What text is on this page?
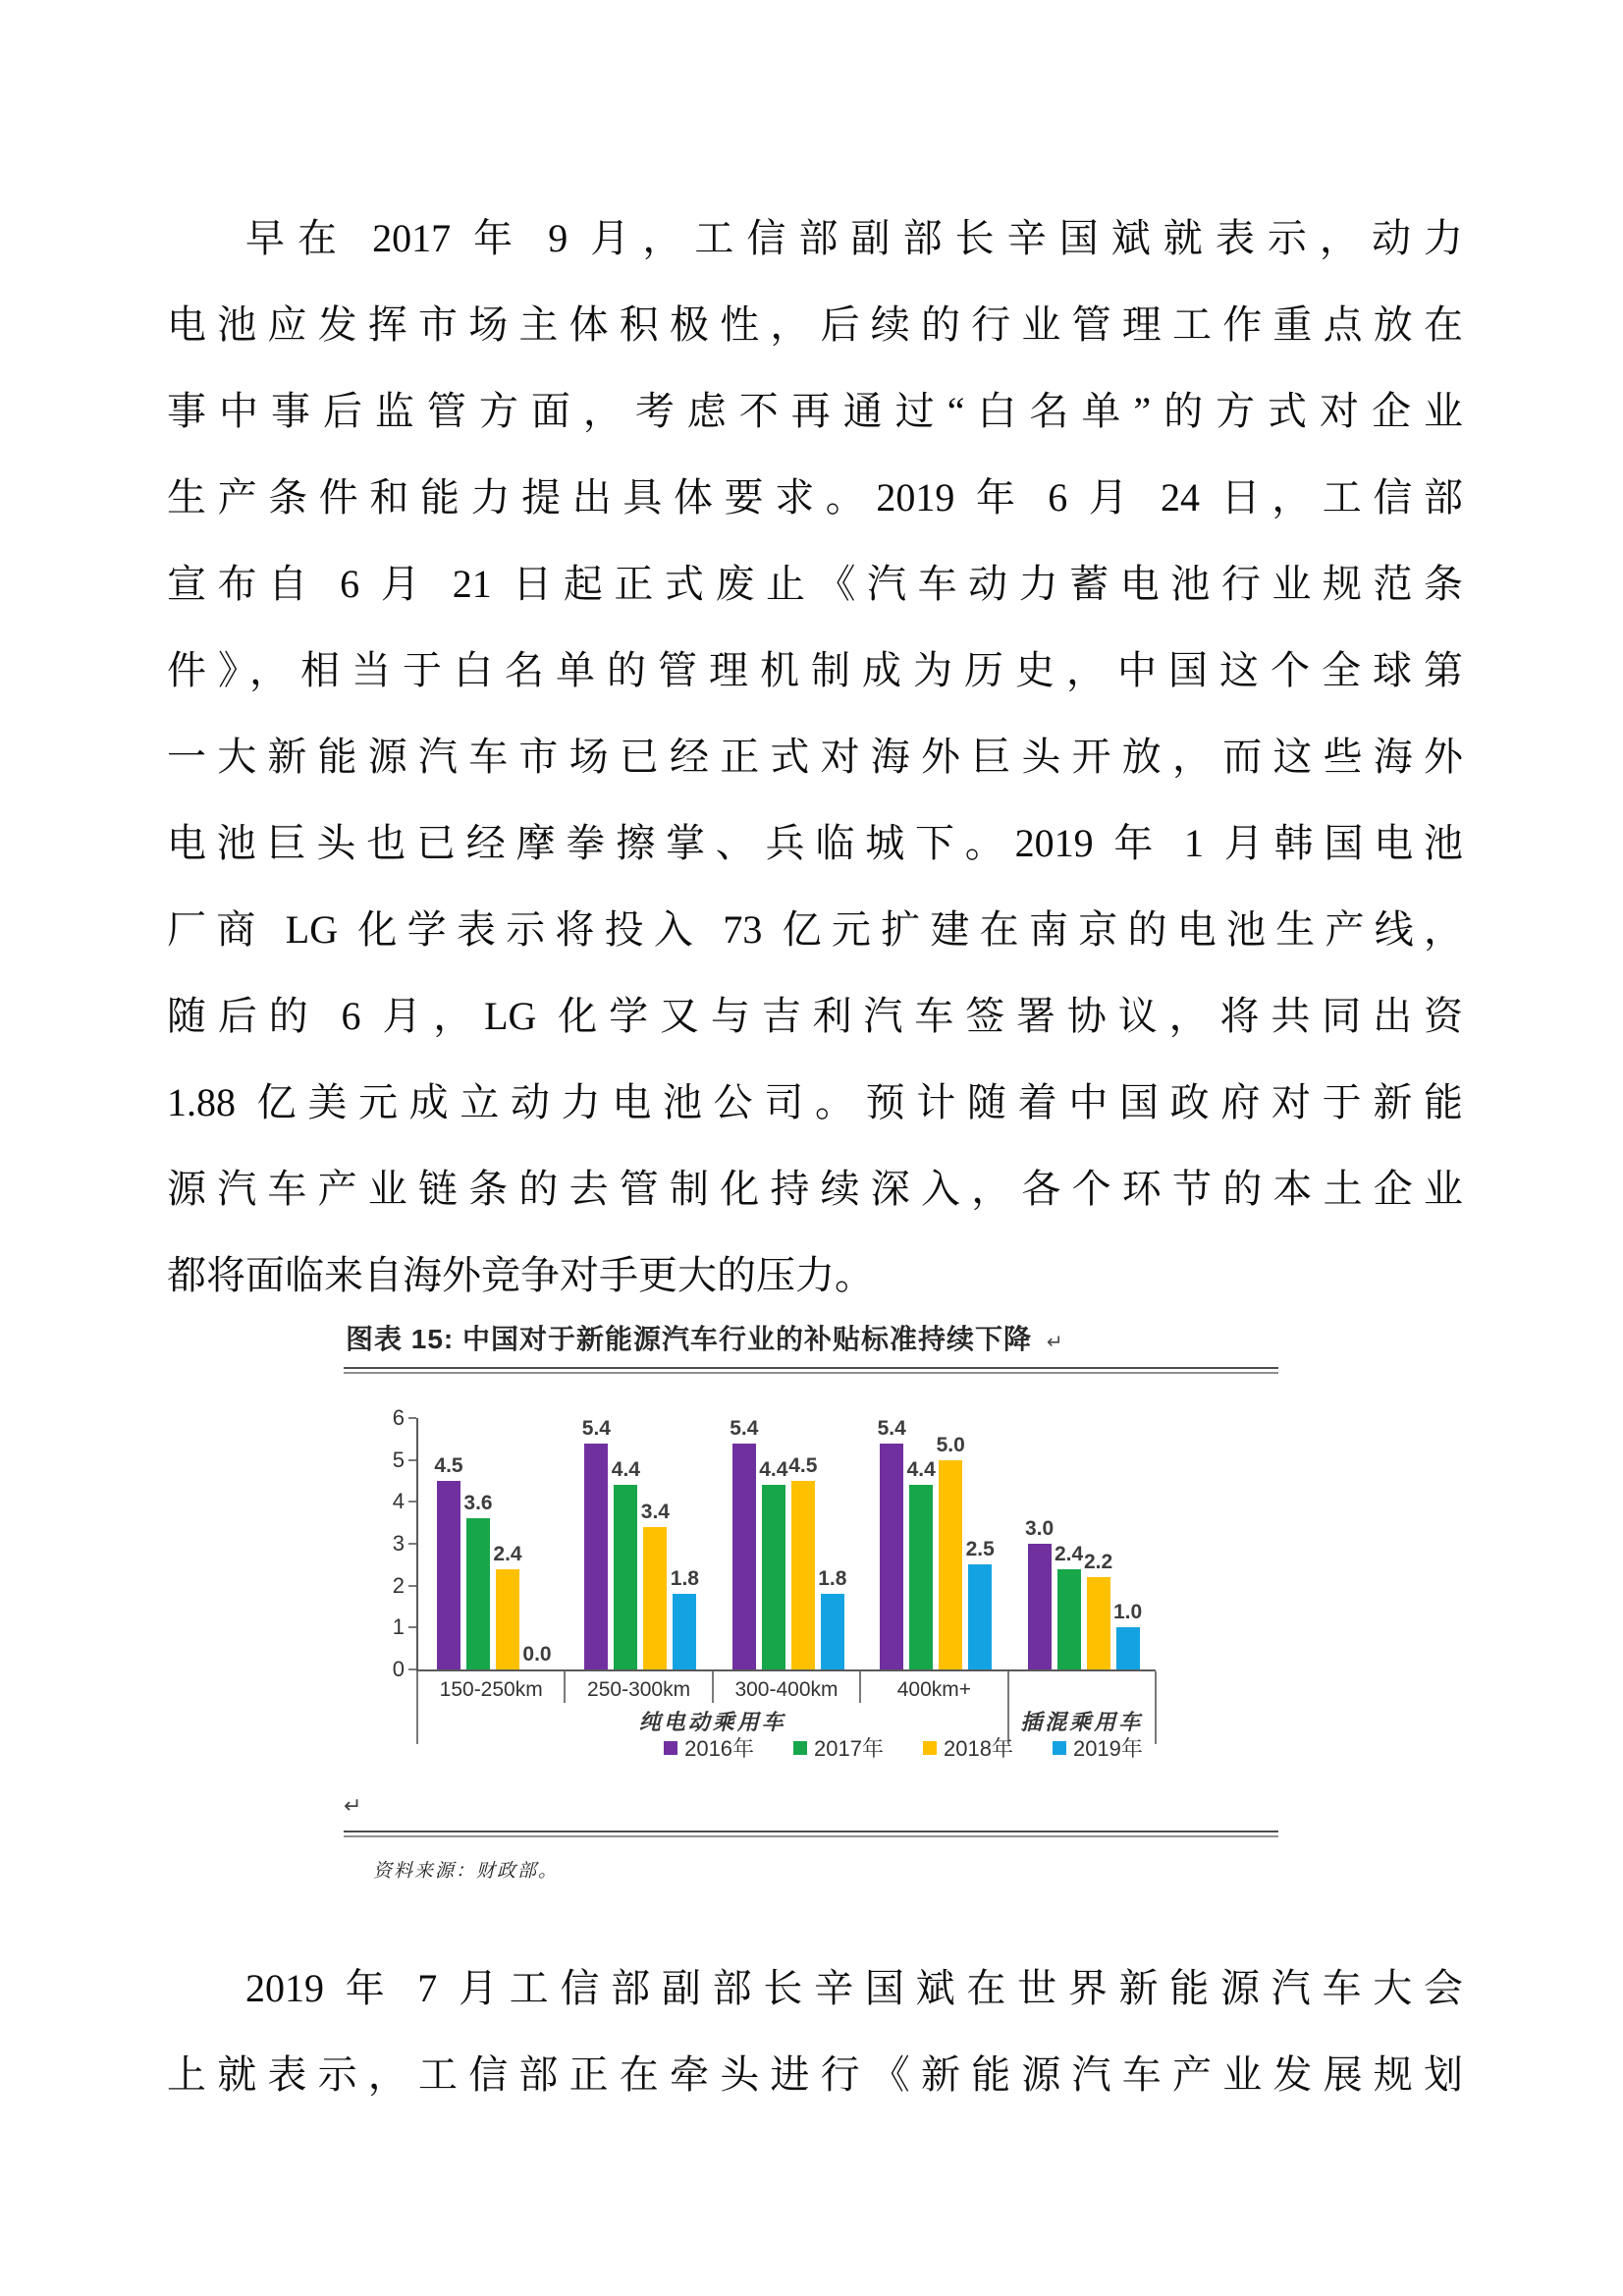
早在 2017 年 9 月，工信部副部长辛国斌就表示，动力
电池应发挥市场主体积极性，后续的行业管理工作重点放在
事中事后监管方面，考虑不再通过“白名单”的方式对企业
生产条件和能力提出具体要求。2019 年 6 月 24 日，工信部
宣布自 6 月 21 日起正式废止《汽车动力蓄电池行业规范条
件》，相当于白名单的管理机制成为历史，中国这个全球第
一大新能源汽车市场已经正式对海外巨头开放，而这些海外
电池巨头也已经摩拳擦掌、兵临城下。2019 年 1 月韩国电池
厂商 LG 化学表示将投入 73 亿元扩建在南京的电池生产线，
随后的 6 月，LG 化学又与吉利汽车签署协议，将共同出资
1.88 亿美元成立动力电池公司。预计随着中国政府对于新能
源汽车产业链条的去管制化持续深入，各个环节的本土企业
都将面临来自海外竞争对手更大的压力。
图表 15: 中国对于新能源汽车行业的补贴标准持续下降 ↵
0
1
2
3
4
5
6
150-250km	250-300km	300-400km	400km+
纯电动乘用车	插混乘用车
4.5
3.6
2.4
0.0
5.4
4.4
3.4
1.8
5.4
4.4 4.5
1.8
5.4
4.4
5.0
2.5
3.0
2.4 2.2
1.0
2016年	2017年	2018年	2019年
↵
资料来源：财政部。
2019 年 7 月工信部副部长辛国斌在世界新能源汽车大会
上就表示，工信部正在牵头进行《新能源汽车产业发展规划
